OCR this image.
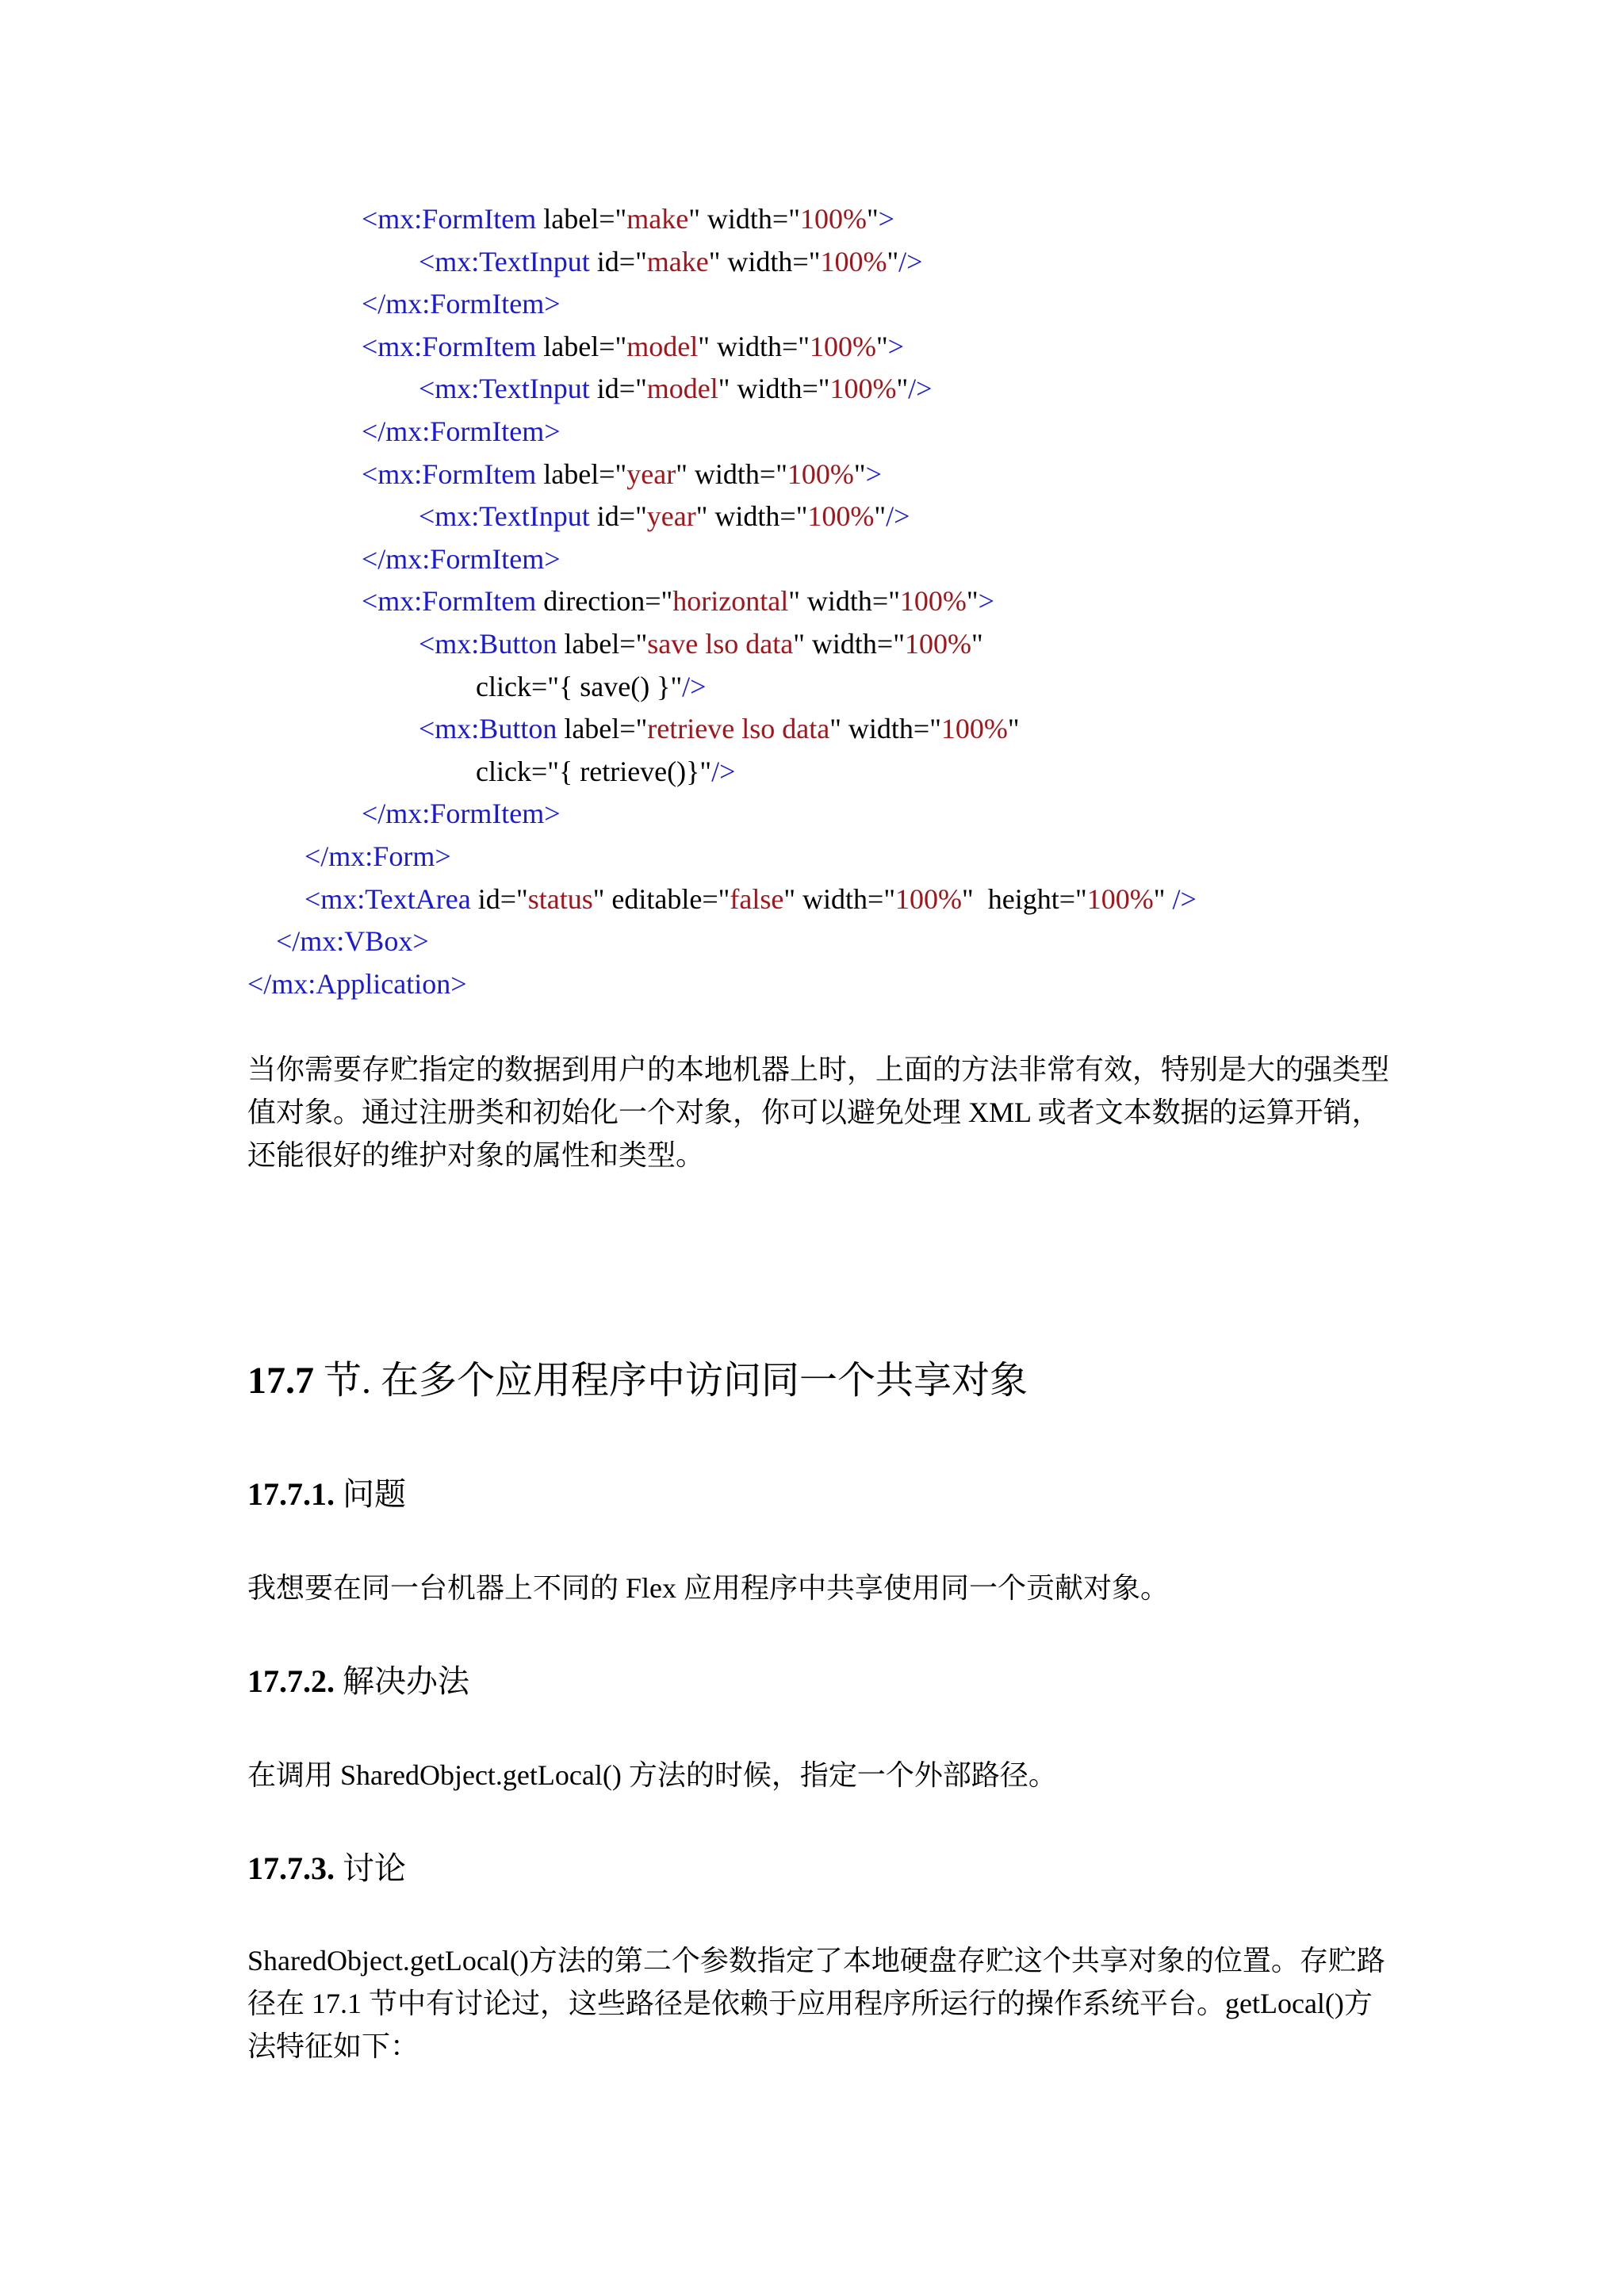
<mx:FormItem label="make" width="100%">
<mx:TextInput id="make" width="100%"/>
</mx:FormItem>
<mx:FormItem label="model" width="100%">
<mx:TextInput id="model" width="100%"/>
</mx:FormItem>
<mx:FormItem label="year" width="100%">
<mx:TextInput id="year" width="100%"/>
</mx:FormItem>
<mx:FormItem direction="horizontal" width="100%">
<mx:Button label="save lso data" width="100%"
click="{ save() }"/>
<mx:Button label="retrieve lso data" width="100%"
click="{ retrieve()}"/>
</mx:FormItem>
</mx:Form>
<mx:TextArea id="status" editable="false" width="100%"  height="100%" />
</mx:VBox>
</mx:Application>

当你需要存贮指定的数据到用户的本地机器上时，上面的方法非常有效，特别是大的强类型值对象。通过注册类和初始化一个对象，你可以避免处理 XML 或者文本数据的运算开销，还能很好的维护对象的属性和类型。

17.7 节. 在多个应用程序中访问同一个共享对象
17.7.1. 问题

我想要在同一台机器上不同的 Flex 应用程序中共享使用同一个贡献对象。

17.7.2. 解决办法

在调用 SharedObject.getLocal() 方法的时候，指定一个外部路径。

17.7.3. 讨论

SharedObject.getLocal()方法的第二个参数指定了本地硬盘存贮这个共享对象的位置。存贮路径在 17.1 节中有讨论过，这些路径是依赖于应用程序所运行的操作系统平台。getLocal()方法特征如下：
